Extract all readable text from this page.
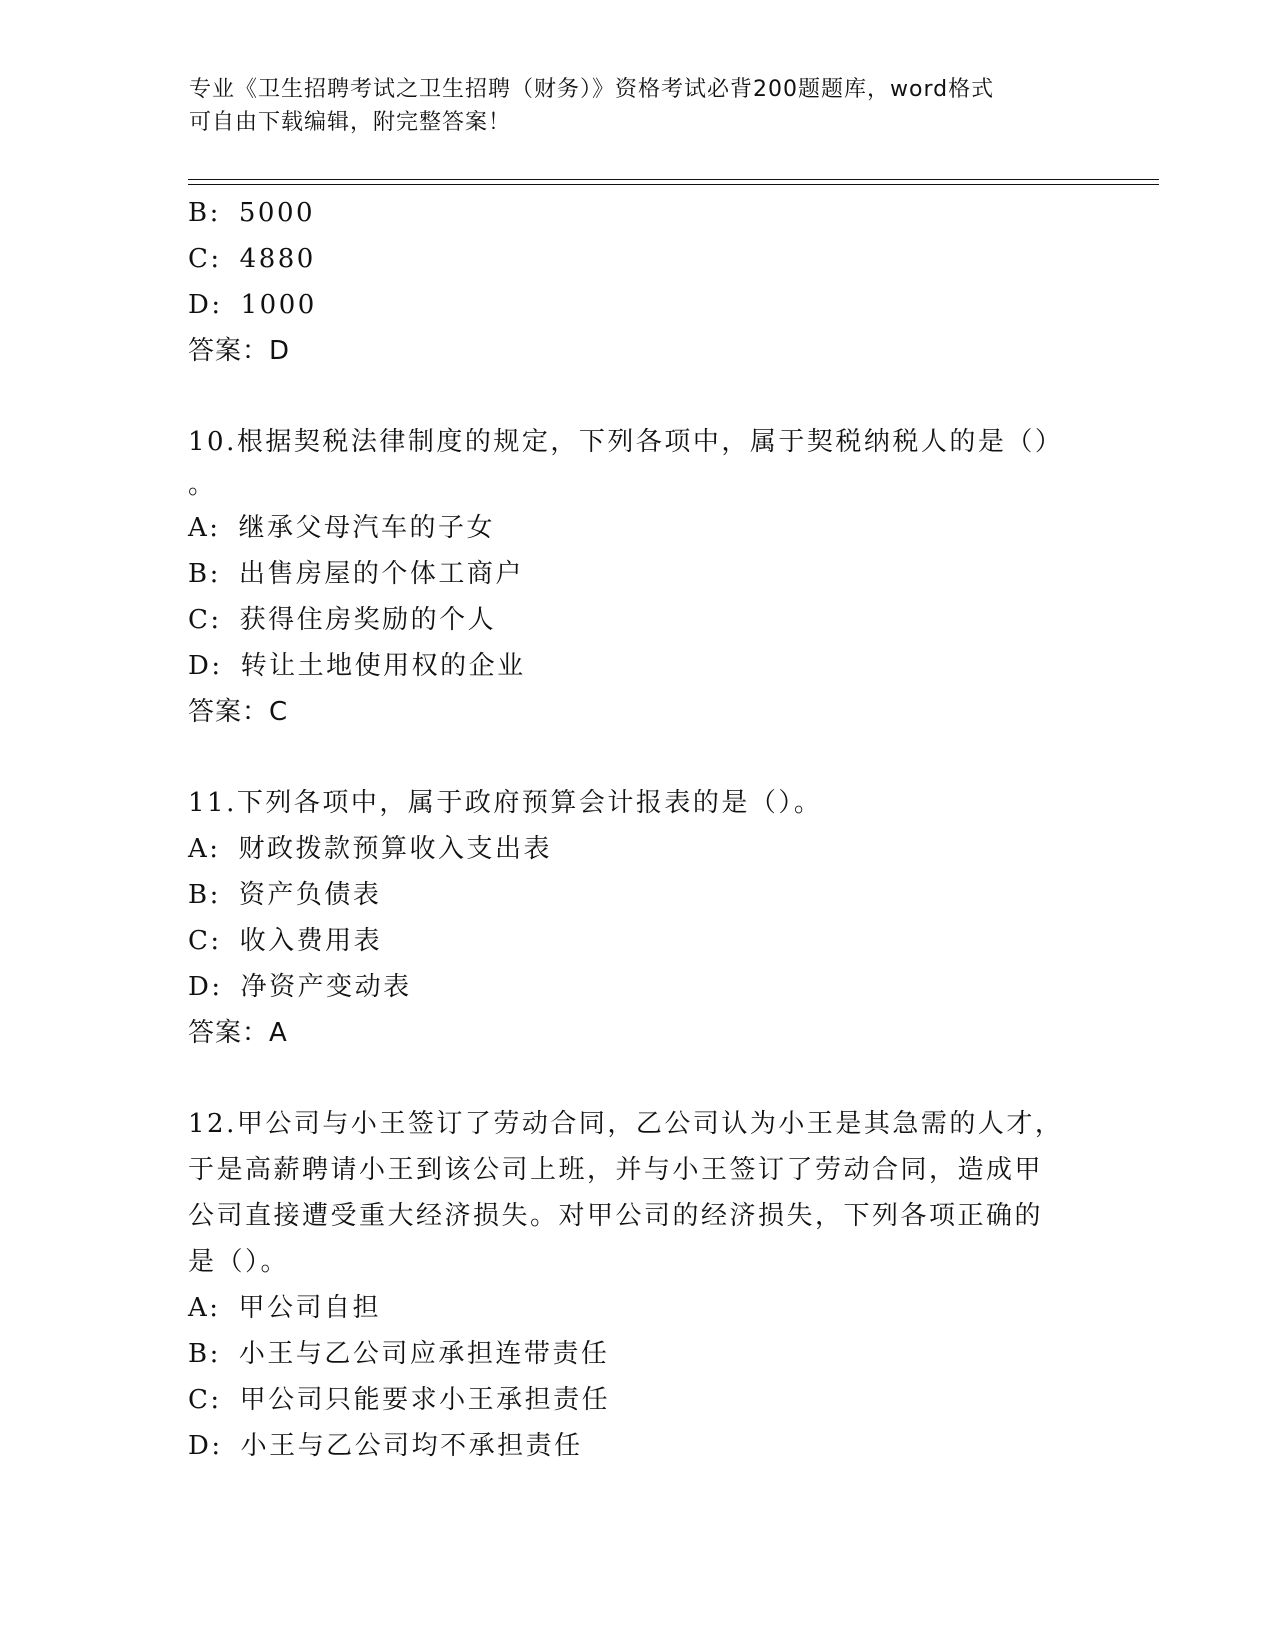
专业《卫生招聘考试之卫生招聘（财务）》资格考试必背200题题库，word格式
可自由下载编辑，附完整答案！
B: 5000
C: 4880
D: 1000
答案：D
10.根据契税法律制度的规定，下列各项中，属于契税纳税人的是（）
。
A: 继承父母汽车的子女
B: 出售房屋的个体工商户
C: 获得住房奖励的个人
D: 转让土地使用权的企业
答案：C
11.下列各项中，属于政府预算会计报表的是（）。
A: 财政拨款预算收入支出表
B: 资产负债表
C: 收入费用表
D: 净资产变动表
答案：A
12.甲公司与小王签订了劳动合同，乙公司认为小王是其急需的人才，
于是高薪聘请小王到该公司上班，并与小王签订了劳动合同，造成甲
公司直接遭受重大经济损失。对甲公司的经济损失，下列各项正确的
是（）。
A: 甲公司自担
B: 小王与乙公司应承担连带责任
C: 甲公司只能要求小王承担责任
D: 小王与乙公司均不承担责任
